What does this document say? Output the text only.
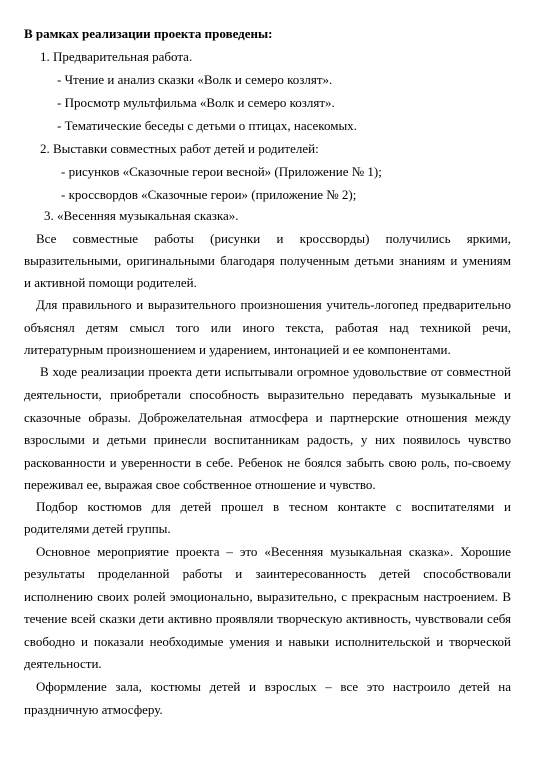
В рамках реализации проекта проведены:
1. Предварительная работа.
- Чтение и анализ сказки «Волк и семеро козлят».
- Просмотр мультфильма «Волк и семеро козлят».
- Тематические беседы с детьми о птицах, насекомых.
2. Выставки совместных работ детей и родителей:
- рисунков «Сказочные герои весной» (Приложение № 1);
- кроссвордов «Сказочные герои» (приложение № 2);
3. «Весенняя музыкальная сказка».
Все совместные работы (рисунки и кроссворды) получились яркими,
выразительными, оригинальными благодаря полученным детьми знаниям и умениям
и активной помощи родителей.
Для правильного и выразительного произношения учитель-логопед предварительно
объяснял детям смысл того или иного текста, работая над техникой речи,
литературным произношением и ударением, интонацией и ее компонентами.
В ходе реализации проекта дети испытывали огромное удовольствие от совместной
деятельности, приобретали способность выразительно передавать музыкальные и
сказочные образы. Доброжелательная атмосфера и партнерские отношения между
взрослыми и детьми принесли воспитанникам радость, у них появилось чувство
раскованности и уверенности в себе. Ребенок не боялся забыть свою роль, по-своему
переживал ее, выражая свое собственное отношение и чувство.
Подбор костюмов для детей прошел в тесном контакте с воспитателями и
родителями детей группы.
Основное мероприятие проекта – это «Весенняя музыкальная сказка». Хорошие
результаты проделанной работы и заинтересованность детей способствовали
исполнению своих ролей эмоционально, выразительно, с прекрасным настроением. В
течение всей сказки дети активно проявляли творческую активность, чувствовали себя
свободно и показали необходимые умения и навыки исполнительской и творческой
деятельности.
Оформление зала, костюмы детей и взрослых – все это настроило детей на
праздничную атмосферу.
